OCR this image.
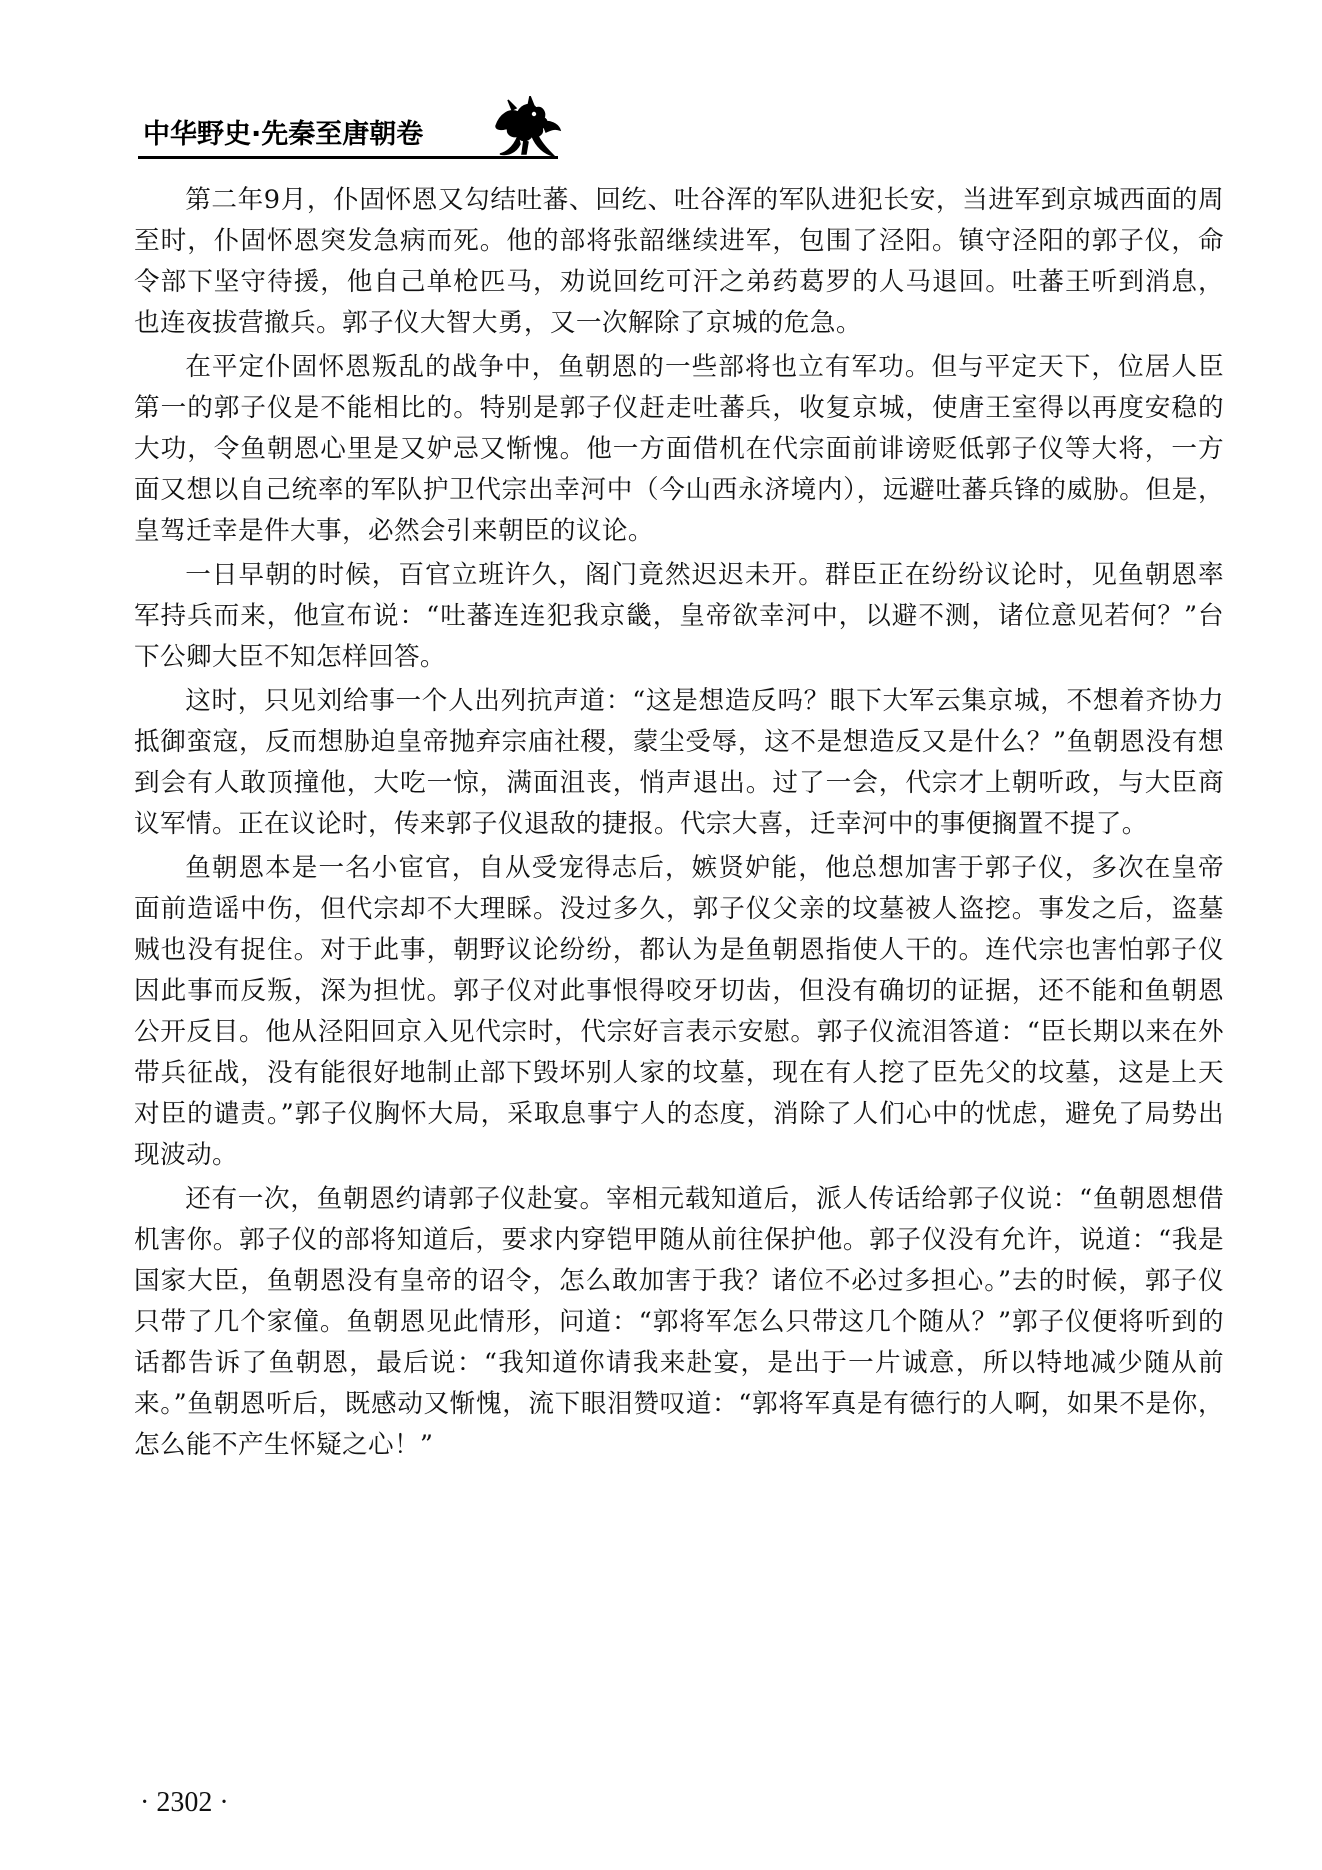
中华野史·先秦至唐朝卷

第二年9月，仆固怀恩又勾结吐蕃、回纥、吐谷浑的军队进犯长安，当进军到京城西面的周至时，仆固怀恩突发急病而死。他的部将张韶继续进军，包围了泾阳。镇守泾阳的郭子仪，命令部下坚守待援，他自己单枪匹马，劝说回纥可汗之弟药葛罗的人马退回。吐蕃王听到消息，也连夜拔营撤兵。郭子仪大智大勇，又一次解除了京城的危急。

在平定仆固怀恩叛乱的战争中，鱼朝恩的一些部将也立有军功。但与平定天下，位居人臣第一的郭子仪是不能相比的。特别是郭子仪赶走吐蕃兵，收复京城，使唐王室得以再度安稳的大功，令鱼朝恩心里是又妒忌又惭愧。他一方面借机在代宗面前诽谤贬低郭子仪等大将，一方面又想以自己统率的军队护卫代宗出幸河中（今山西永济境内），远避吐蕃兵锋的威胁。但是，皇驾迁幸是件大事，必然会引来朝臣的议论。

一日早朝的时候，百官立班许久，阁门竟然迟迟未开。群臣正在纷纷议论时，见鱼朝恩率军持兵而来，他宣布说：“吐蕃连连犯我京畿，皇帝欲幸河中，以避不测，诸位意见若何？”台下公卿大臣不知怎样回答。

这时，只见刘给事一个人出列抗声道：“这是想造反吗？眼下大军云集京城，不想着齐协力抵御蛮寇，反而想胁迫皇帝抛弃宗庙社稷，蒙尘受辱，这不是想造反又是什么？”鱼朝恩没有想到会有人敢顶撞他，大吃一惊，满面沮丧，悄声退出。过了一会，代宗才上朝听政，与大臣商议军情。正在议论时，传来郭子仪退敌的捷报。代宗大喜，迁幸河中的事便搁置不提了。

鱼朝恩本是一名小宦官，自从受宠得志后，嫉贤妒能，他总想加害于郭子仪，多次在皇帝面前造谣中伤，但代宗却不大理睬。没过多久，郭子仪父亲的坟墓被人盗挖。事发之后，盗墓贼也没有捉住。对于此事，朝野议论纷纷，都认为是鱼朝恩指使人干的。连代宗也害怕郭子仪因此事而反叛，深为担忧。郭子仪对此事恨得咬牙切齿，但没有确切的证据，还不能和鱼朝恩公开反目。他从泾阳回京入见代宗时，代宗好言表示安慰。郭子仪流泪答道：“臣长期以来在外带兵征战，没有能很好地制止部下毁坏别人家的坟墓，现在有人挖了臣先父的坟墓，这是上天对臣的谴责。”郭子仪胸怀大局，采取息事宁人的态度，消除了人们心中的忧虑，避免了局势出现波动。

还有一次，鱼朝恩约请郭子仪赴宴。宰相元载知道后，派人传话给郭子仪说：“鱼朝恩想借机害你。郭子仪的部将知道后，要求内穿铠甲随从前往保护他。郭子仪没有允许，说道：“我是国家大臣，鱼朝恩没有皇帝的诏令，怎么敢加害于我？诸位不必过多担心。”去的时候，郭子仪只带了几个家僮。鱼朝恩见此情形，问道：“郭将军怎么只带这几个随从？”郭子仪便将听到的话都告诉了鱼朝恩，最后说：“我知道你请我来赴宴，是出于一片诚意，所以特地减少随从前来。”鱼朝恩听后，既感动又惭愧，流下眼泪赞叹道：“郭将军真是有德行的人啊，如果不是你，怎么能不产生怀疑之心！”

· 2302 ·
